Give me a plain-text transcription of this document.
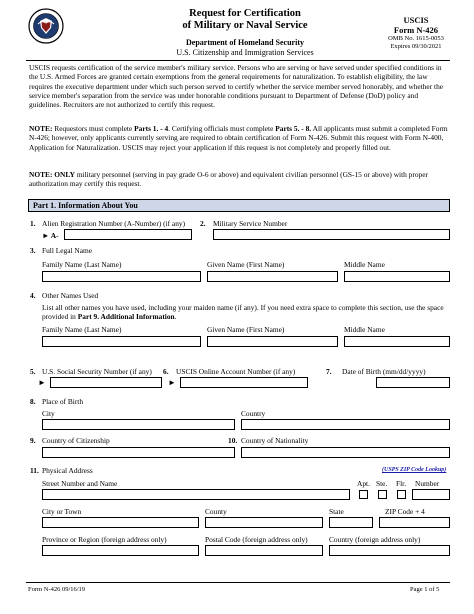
Request for Certification
of Military or Naval Service
Department of Homeland Security
U.S. Citizenship and Immigration Services
USCIS
Form N-426
OMB No. 1615-0053
Expires 09/30/2021
USCIS requests certification of the service member's military service. Persons who are serving or have served under specified conditions in the U.S. Armed Forces are granted certain exemptions from the general requirements for naturalization. To establish eligibility, the law requires the executive department under which such person served to certify whether the service member served honorably, and whether the service member's separation from the service was under honorable conditions pursuant to Department of Defense (DoD) policy and guidelines. Recruiters are not authorized to certify this request.
NOTE: Requestors must complete Parts 1. - 4. Certifying officials must complete Parts 5. - 8. All applicants must submit a completed Form N-426; however, only applicants currently serving are required to obtain certification of Form N-426. Submit this request with Form N-400, Application for Naturalization. USCIS may reject your application if this request is not completely and properly filled out.
NOTE: ONLY military personnel (serving in pay grade O-6 or above) and equivalent civilian personnel (GS-15 or above) with proper authorization may certify this request.
Part 1. Information About You
1. Alien Registration Number (A-Number) (if any)
► A-
2. Military Service Number
3. Full Legal Name
Family Name (Last Name)	Given Name (First Name)	Middle Name
4. Other Names Used
List all other names you have used, including your maiden name (if any). If you need extra space to complete this section, use the space provided in Part 9. Additional Information.
Family Name (Last Name)	Given Name (First Name)	Middle Name
5. U.S. Social Security Number (if any)
►
6. USCIS Online Account Number (if any)
►
7. Date of Birth (mm/dd/yyyy)
8. Place of Birth
City	Country
9. Country of Citizenship	10. Country of Nationality
11. Physical Address	(USPS ZIP Code Lookup)
Street Number and Name	Apt. Ste. Flr. Number
City or Town	County	State	ZIP Code + 4
Province or Region (foreign address only)	Postal Code (foreign address only)	Country (foreign address only)
Form N-426 09/16/19	Page 1 of 5
